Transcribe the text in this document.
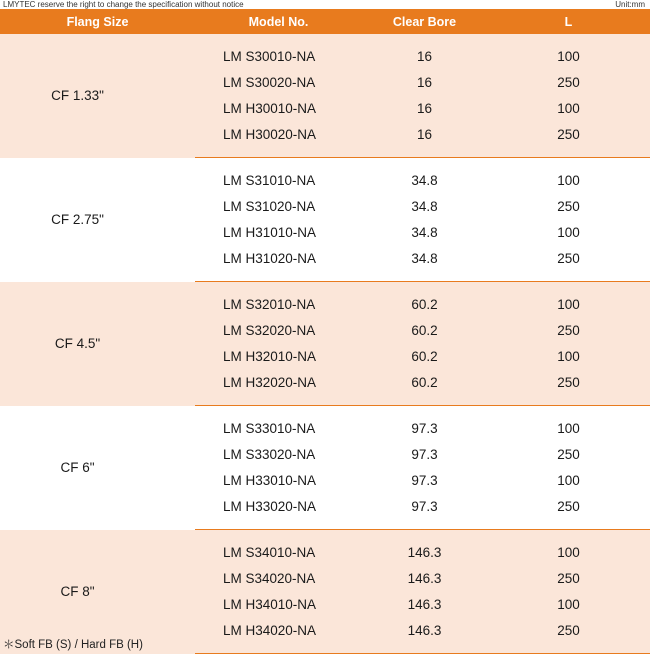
LMYTEC reserve the right to change the specification without notice	Unit:mm
Flang Size	Model No.	Clear Bore	L
CF 1.33"			
	LM S30010-NA	16	100
	LM S30020-NA	16	250
	LM H30010-NA	16	100
	LM H30020-NA	16	250

CF 2.75"			
	LM S31010-NA	34.8	100
	LM S31020-NA	34.8	250
	LM H31010-NA	34.8	100
	LM H31020-NA	34.8	250

CF 4.5"			
	LM S32010-NA	60.2	100
	LM S32020-NA	60.2	250
	LM H32010-NA	60.2	100
	LM H32020-NA	60.2	250

CF 6"			
	LM S33010-NA	97.3	100
	LM S33020-NA	97.3	250
	LM H33010-NA	97.3	100
	LM H33020-NA	97.3	250

CF 8"			
	LM S34010-NA	146.3	100
	LM S34020-NA	146.3	250
	LM H34010-NA	146.3	100
	LM H34020-NA	146.3	250

＊Soft FB (S) / Hard FB (H)
